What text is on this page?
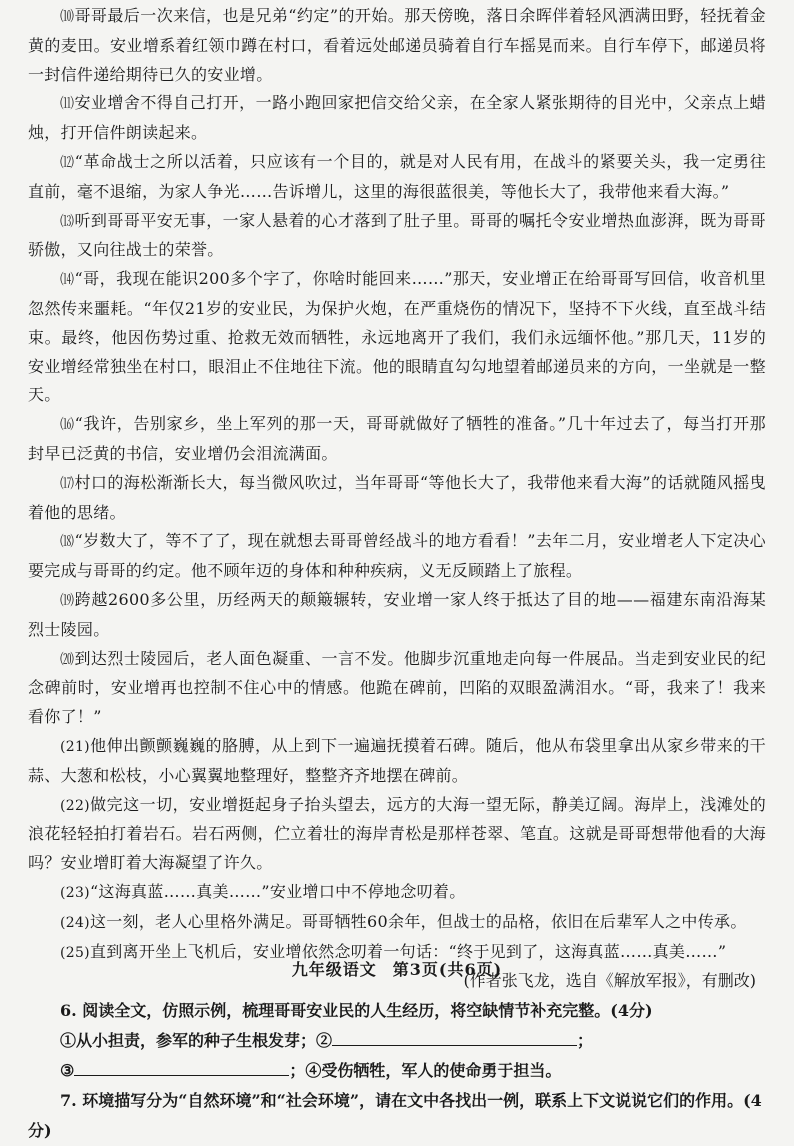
⑽哥哥最后一次来信，也是兄弟“约定”的开始。那天傍晚，落日余晖伴着轻风洒满田野，轻抚着金黄的麦田。安业增系着红领巾蹲在村口，看着远处邮递员骑着自行车摇晃而来。自行车停下，邮递员将一封信件递给期待已久的安业增。

⑾安业增舍不得自己打开，一路小跑回家把信交给父亲，在全家人紧张期待的目光中，父亲点上蜡烛，打开信件朗读起来。

⑿“革命战士之所以活着，只应该有一个目的，就是对人民有用，在战斗的紧要关头，我一定勇往直前，毫不退缩，为家人争光……告诉增儿，这里的海很蓝很美，等他长大了，我带他来看大海。”

⒀听到哥哥平安无事，一家人悬着的心才落到了肚子里。哥哥的嘱托令安业增热血澎湃，既为哥哥骄傲，又向往战士的荣誉。

⒁“哥，我现在能识200多个字了，你啥时能回来……”那天，安业增正在给哥哥写回信，收音机里忽然传来噩耗。“年仅21岁的安业民，为保护火炮，在严重烧伤的情况下，坚持不下火线，直至战斗结束。最终，他因伤势过重、抢救无效而牺牲，永远地离开了我们，我们永远缅怀他。”那几天，11岁的安业增经常独坐在村口，眼泪止不住地往下流。他的眼睛直勾勾地望着邮递员来的方向，一坐就是一整天。

⒃“我许，告别家乡，坐上军列的那一天，哥哥就做好了牺牲的准备。”几十年过去了，每当打开那封早已泛黄的书信，安业增仍会泪流满面。

⒄村口的海松渐渐长大，每当微风吹过，当年哥哥“等他长大了，我带他来看大海”的话就随风摇曳着他的思绪。

⒅“岁数大了，等不了了，现在就想去哥哥曾经战斗的地方看看！”去年二月，安业增老人下定决心要完成与哥哥的约定。他不顾年迈的身体和种种疾病，义无反顾踏上了旅程。

⒆跨越2600多公里，历经两天的颠簸辗转，安业增一家人终于抵达了目的地——福建东南沿海某烈士陵园。

⒇到达烈士陵园后，老人面色凝重、一言不发。他脚步沉重地走向每一件展品。当走到安业民的纪念碑前时，安业增再也控制不住心中的情感。他跪在碑前，凹陷的双眼盈满泪水。“哥，我来了！我来看你了！”

(21)他伸出颤颤巍巍的胳膊，从上到下一遍遍抚摸着石碑。随后，他从布袋里拿出从家乡带来的干蒜、大葱和松枝，小心翼翼地整理好，整整齐齐地摆在碑前。

(22)做完这一切，安业增挺起身子抬头望去，远方的大海一望无际，静美辽阔。海岸上，浅滩处的浪花轻轻拍打着岩石。岩石两侧，伫立着壮的海岸青松是那样苍翠、笔直。这就是哥哥想带他看的大海吗？安业增盯着大海凝望了许久。

(23)“这海真蓝……真美……”安业增口中不停地念叨着。

(24)这一刻，老人心里格外满足。哥哥牺牲60余年，但战士的品格，依旧在后辈军人之中传承。

(25)直到离开坐上飞机后，安业增依然念叨着一句话：“终于见到了，这海真蓝……真美……”

(作者张飞龙，选自《解放军报》，有删改)

6. 阅读全文，仿照示例，梳理哥哥安业民的人生经历，将空缺情节补充完整。(4分)

①从小担责，参军的种子生根发芽；②	；

③	；④受伤牺牲，军人的使命勇于担当。

7. 环境描写分为“自然环境”和“社会环境”，请在文中各找出一例，联系上下文说说它们的作用。(4分)

九年级语文 第3页(共6页)
